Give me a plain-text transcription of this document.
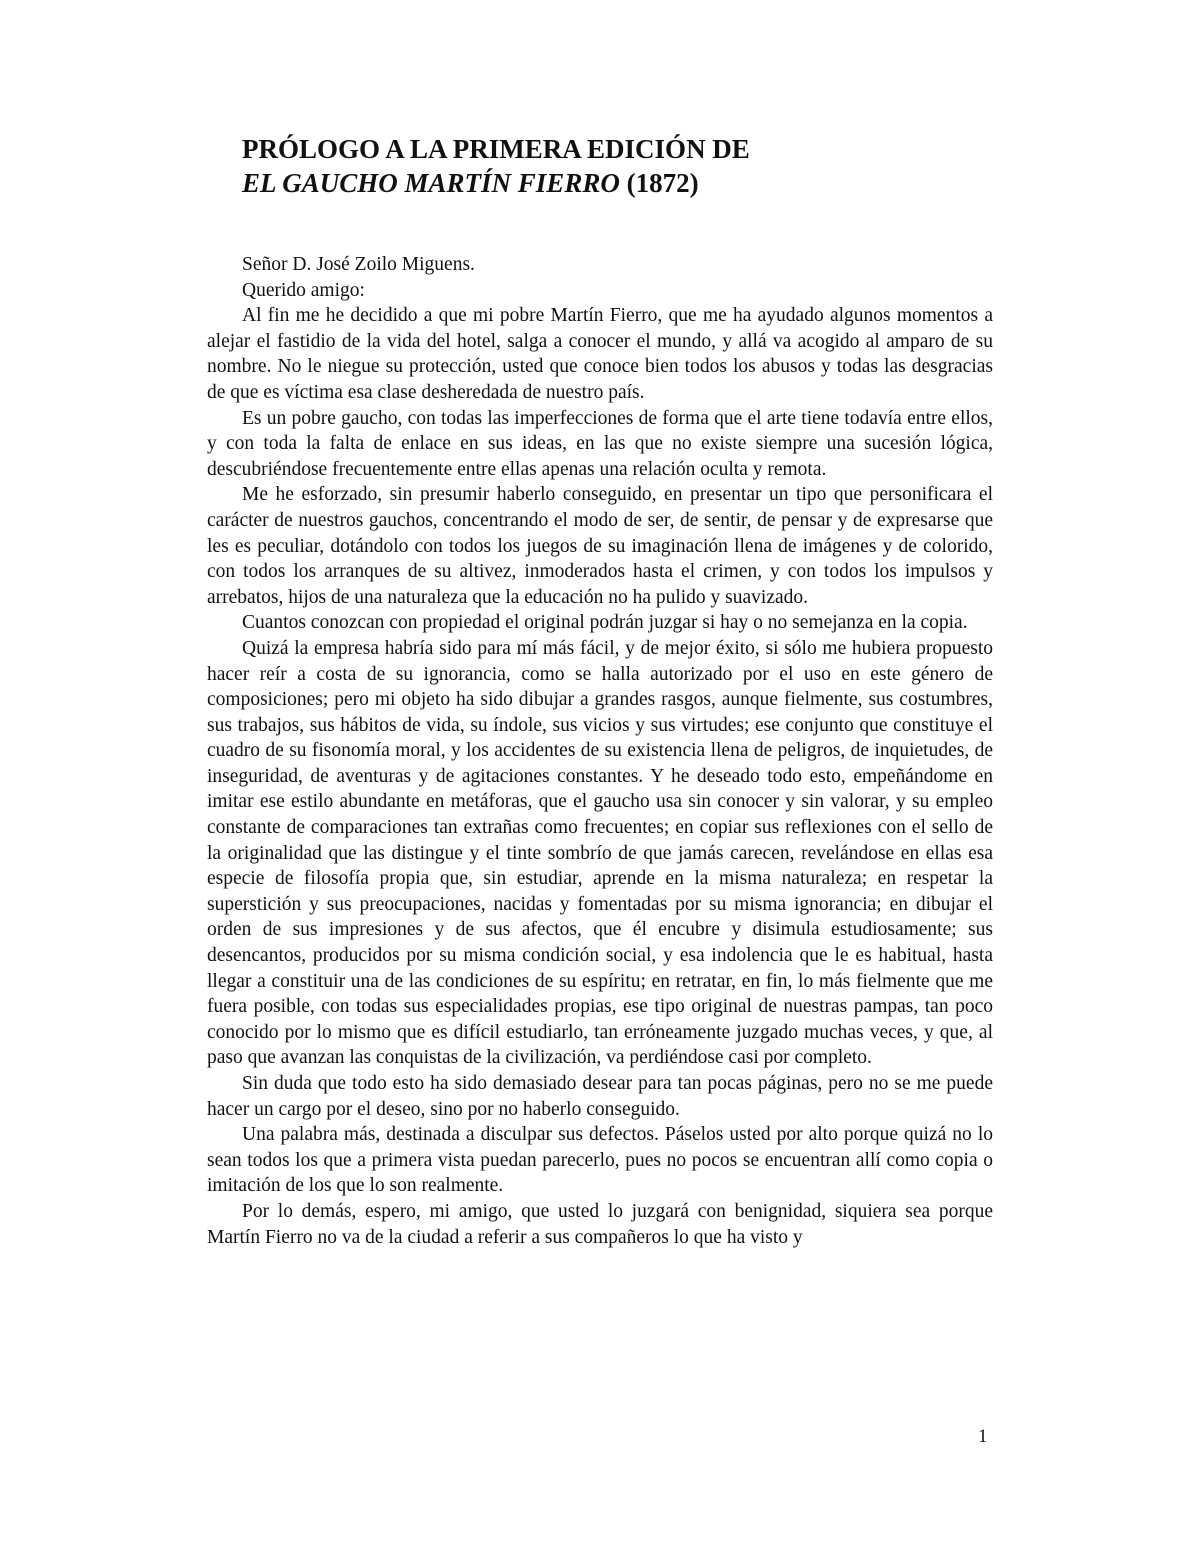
PRÓLOGO A LA PRIMERA EDICIÓN DE
EL GAUCHO MARTÍN FIERRO (1872)

Señor D. José Zoilo Miguens.

Querido amigo:

Al fin me he decidido a que mi pobre Martín Fierro, que me ha ayudado algunos momentos a alejar el fastidio de la vida del hotel, salga a conocer el mundo, y allá va acogido al amparo de su nombre. No le niegue su protección, usted que conoce bien todos los abusos y todas las desgracias de que es víctima esa clase desheredada de nuestro país.

Es un pobre gaucho, con todas las imperfecciones de forma que el arte tiene todavía entre ellos, y con toda la falta de enlace en sus ideas, en las que no existe siempre una sucesión lógica, descubriéndose frecuentemente entre ellas apenas una relación oculta y remota.

Me he esforzado, sin presumir haberlo conseguido, en presentar un tipo que personificara el carácter de nuestros gauchos, concentrando el modo de ser, de sentir, de pensar y de expresarse que les es peculiar, dotándolo con todos los juegos de su imaginación llena de imágenes y de colorido, con todos los arranques de su altivez, inmoderados hasta el crimen, y con todos los impulsos y arrebatos, hijos de una naturaleza que la educación no ha pulido y suavizado.

Cuantos conozcan con propiedad el original podrán juzgar si hay o no semejanza en la copia.

Quizá la empresa habría sido para mí más fácil, y de mejor éxito, si sólo me hubiera propuesto hacer reír a costa de su ignorancia, como se halla autorizado por el uso en este género de composiciones; pero mi objeto ha sido dibujar a grandes rasgos, aunque fielmente, sus costumbres, sus trabajos, sus hábitos de vida, su índole, sus vicios y sus virtudes; ese conjunto que constituye el cuadro de su fisonomía moral, y los accidentes de su existencia llena de peligros, de inquietudes, de inseguridad, de aventuras y de agitaciones constantes. Y he deseado todo esto, empeñándome en imitar ese estilo abundante en metáforas, que el gaucho usa sin conocer y sin valorar, y su empleo constante de comparaciones tan extrañas como frecuentes; en copiar sus reflexiones con el sello de la originalidad que las distingue y el tinte sombrío de que jamás carecen, revelándose en ellas esa especie de filosofía propia que, sin estudiar, aprende en la misma naturaleza; en respetar la superstición y sus preocupaciones, nacidas y fomentadas por su misma ignorancia; en dibujar el orden de sus impresiones y de sus afectos, que él encubre y disimula estudiosamente; sus desencantos, producidos por su misma condición social, y esa indolencia que le es habitual, hasta llegar a constituir una de las condiciones de su espíritu; en retratar, en fin, lo más fielmente que me fuera posible, con todas sus especialidades propias, ese tipo original de nuestras pampas, tan poco conocido por lo mismo que es difícil estudiarlo, tan erróneamente juzgado muchas veces, y que, al paso que avanzan las conquistas de la civilización, va perdiéndose casi por completo.

Sin duda que todo esto ha sido demasiado desear para tan pocas páginas, pero no se me puede hacer un cargo por el deseo, sino por no haberlo conseguido.

Una palabra más, destinada a disculpar sus defectos. Páselos usted por alto porque quizá no lo sean todos los que a primera vista puedan parecerlo, pues no pocos se encuentran allí como copia o imitación de los que lo son realmente.

Por lo demás, espero, mi amigo, que usted lo juzgará con benignidad, siquiera sea porque Martín Fierro no va de la ciudad a referir a sus compañeros lo que ha visto y

1
